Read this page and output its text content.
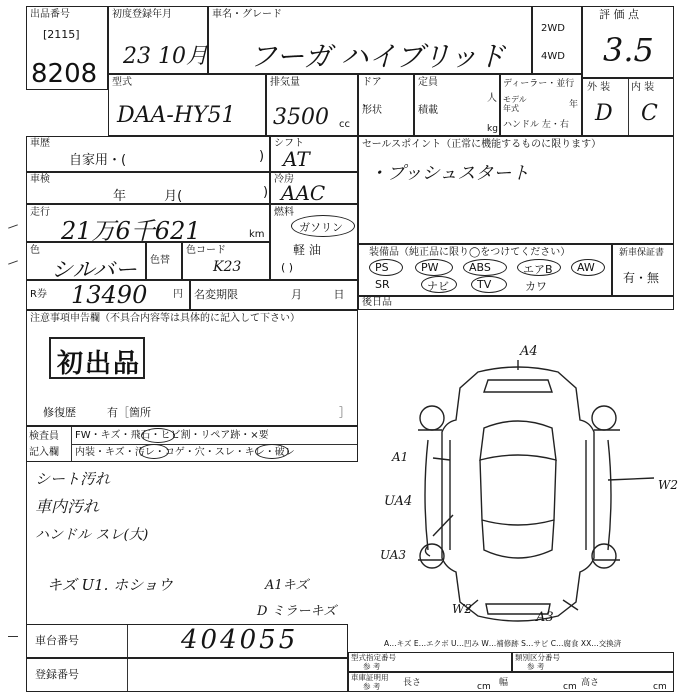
出品番号
[2115]
8208
初度登録年月
23 10月
車名・グレード
フーガ ハイブリッド
2WD
4WD
評 価 点
3.5
外 装 内 装
D C
型式
DAA-HY51
排気量
3500 cc
ドア
、
形状
定員
人
積載
kg
ディーラー・並行
モデル 年式	年
ハンドル 左・右
車歴
自家用・(	)
シフト
AT
車検
年 月(	)
冷房
AAC
走行
21万6千621	km
燃料
ガソリン
軽 油
( )
色
シルバー 色替
色コード
K23
R券 13490	円 名変期限	月 日
セールスポイント（正常に機能するものに限ります）
・プッシュスタート
装備品（純正品に限り◯をつけてください）
PS	PW	ABS	エアB AW
SR	ナビ	TV	カワ
新車保証書
有・無
後日品
注意事項申告欄（不具合内容等は具体的に記入して下さい）
初出品
修復歴	有［箇所	］
検査員
記入欄
FW・キズ・飛石・ヒビ割・リペア跡・×要
内装・キズ・汚レ・コゲ・穴・スレ・キレ・破レ
シート汚れ
車内汚れ
ハンドル スレ(大)
キズ U1. ホショウ	A1キズ
D ミラーキズ
A4
A1
W2
UA4
UA3
W2
A3
A…キズ E…エクボ U…凹み W…補修跡 S…サビ C…腐食 XX…交換済
車台番号	404055
登録番号
型式指定番号
参 考
類別区分番号
参 考
車庫証明用
参 考	長さ	cm 幅	cm 高さ	cm
